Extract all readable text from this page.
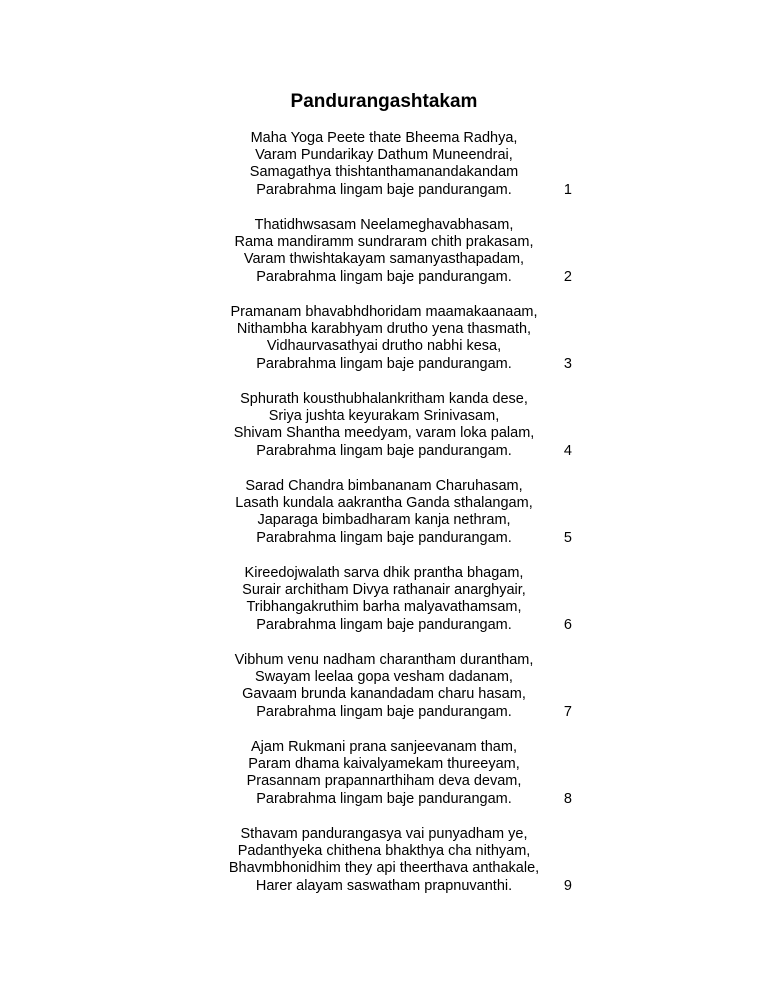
Pandurangashtakam
Maha Yoga Peete thate Bheema Radhya,
Varam Pundarikay Dathum Muneendrai,
Samagathya thishtanthamanandakandam
Parabrahma lingam baje pandurangam.	1
Thatidhwsasam Neelameghavabhasam,
Rama mandiramm sundraram chith prakasam,
Varam thwishtakayam samanyasthapadam,
Parabrahma lingam baje pandurangam.	2
Pramanam bhavabhdhoridam maamakaanaam,
Nithambha karabhyam drutho yena thasmath,
Vidhaurvasathyai drutho nabhi kesa,
Parabrahma lingam baje pandurangam.	3
Sphurath kousthubhalankritham kanda dese,
Sriya jushta keyurakam Srinivasam,
Shivam Shantha meedyam, varam loka palam,
Parabrahma lingam baje pandurangam.	4
Sarad Chandra bimbananam Charuhasam,
Lasath kundala aakrantha Ganda sthalangam,
Japaraga bimbadharam kanja nethram,
Parabrahma lingam baje pandurangam.	5
Kireedojwalath sarva dhik prantha bhagam,
Surair architham Divya rathanair anarghyair,
Tribhangakruthim barha malyavathamsam,
Parabrahma lingam baje pandurangam.	6
Vibhum venu nadham charantham durantham,
Swayam leelaa gopa vesham dadanam,
Gavaam brunda kanandadam charu hasam,
Parabrahma lingam baje pandurangam.	7
Ajam Rukmani prana sanjeevanam tham,
Param dhama kaivalyamekam thureeyam,
Prasannam prapannarthiham deva devam,
Parabrahma lingam baje pandurangam.	8
Sthavam pandurangasya vai punyadham ye,
Padanthyeka chithena bhakthya cha nithyam,
Bhavmbhonidhim they api theerthava anthakale,
Harer alayam saswatham prapnuvanthi.	9
